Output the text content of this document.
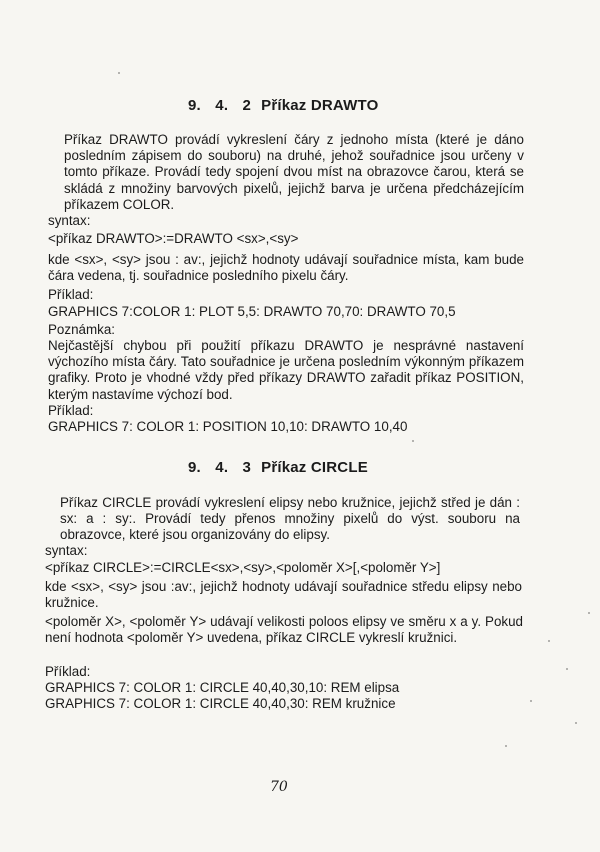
9. 4. 2 Příkaz DRAWTO
Příkaz DRAWTO provádí vykreslení čáry z jednoho místa (které je dáno posledním zápisem do souboru) na druhé, jehož souřadnice jsou určeny v tomto příkaze. Provádí tedy spojení dvou míst na obrazovce čarou, která se skládá z množiny barvových pixelů, jejichž barva je určena předcházejícím příkazem COLOR.
syntax:
<příkaz DRAWTO>:=DRAWTO <sx>,<sy>
kde <sx>, <sy> jsou : av:, jejichž hodnoty udávají souřadnice místa, kam bude čára vedena, tj. souřadnice posledního pixelu čáry.
Příklad:
GRAPHICS 7:COLOR 1: PLOT 5,5: DRAWTO 70,70: DRAWTO 70,5
Poznámka:
Nejčastější chybou při použití příkazu DRAWTO je nesprávné nastavení výchozího místa čáry. Tato souřadnice je určena posledním výkonným příkazem grafiky. Proto je vhodné vždy před příkazy DRAWTO zařadit příkaz POSITION, kterým nastavíme výchozí bod.
Příklad:
GRAPHICS 7: COLOR 1: POSITION 10,10: DRAWTO 10,40
9. 4. 3 Příkaz CIRCLE
Příkaz CIRCLE provádí vykreslení elipsy nebo kružnice, jejichž střed je dán : sx: a : sy:. Provádí tedy přenos množiny pixelů do výst. souboru na obrazovce, které jsou organizovány do elipsy.
syntax:
<příkaz CIRCLE>:=CIRCLE<sx>,<sy>,<poloměr X>[,<poloměr Y>]
kde <sx>, <sy> jsou :av:, jejichž hodnoty udávají souřadnice středu elipsy nebo kružnice.
<poloměr X>, <poloměr Y> udávají velikosti poloos elipsy ve směru x a y. Pokud není hodnota <poloměr Y> uvedena, příkaz CIRCLE vykreslí kružnici.
Příklad:
GRAPHICS 7: COLOR 1: CIRCLE 40,40,30,10: REM elipsa
GRAPHICS 7: COLOR 1: CIRCLE 40,40,30: REM kružnice
70
